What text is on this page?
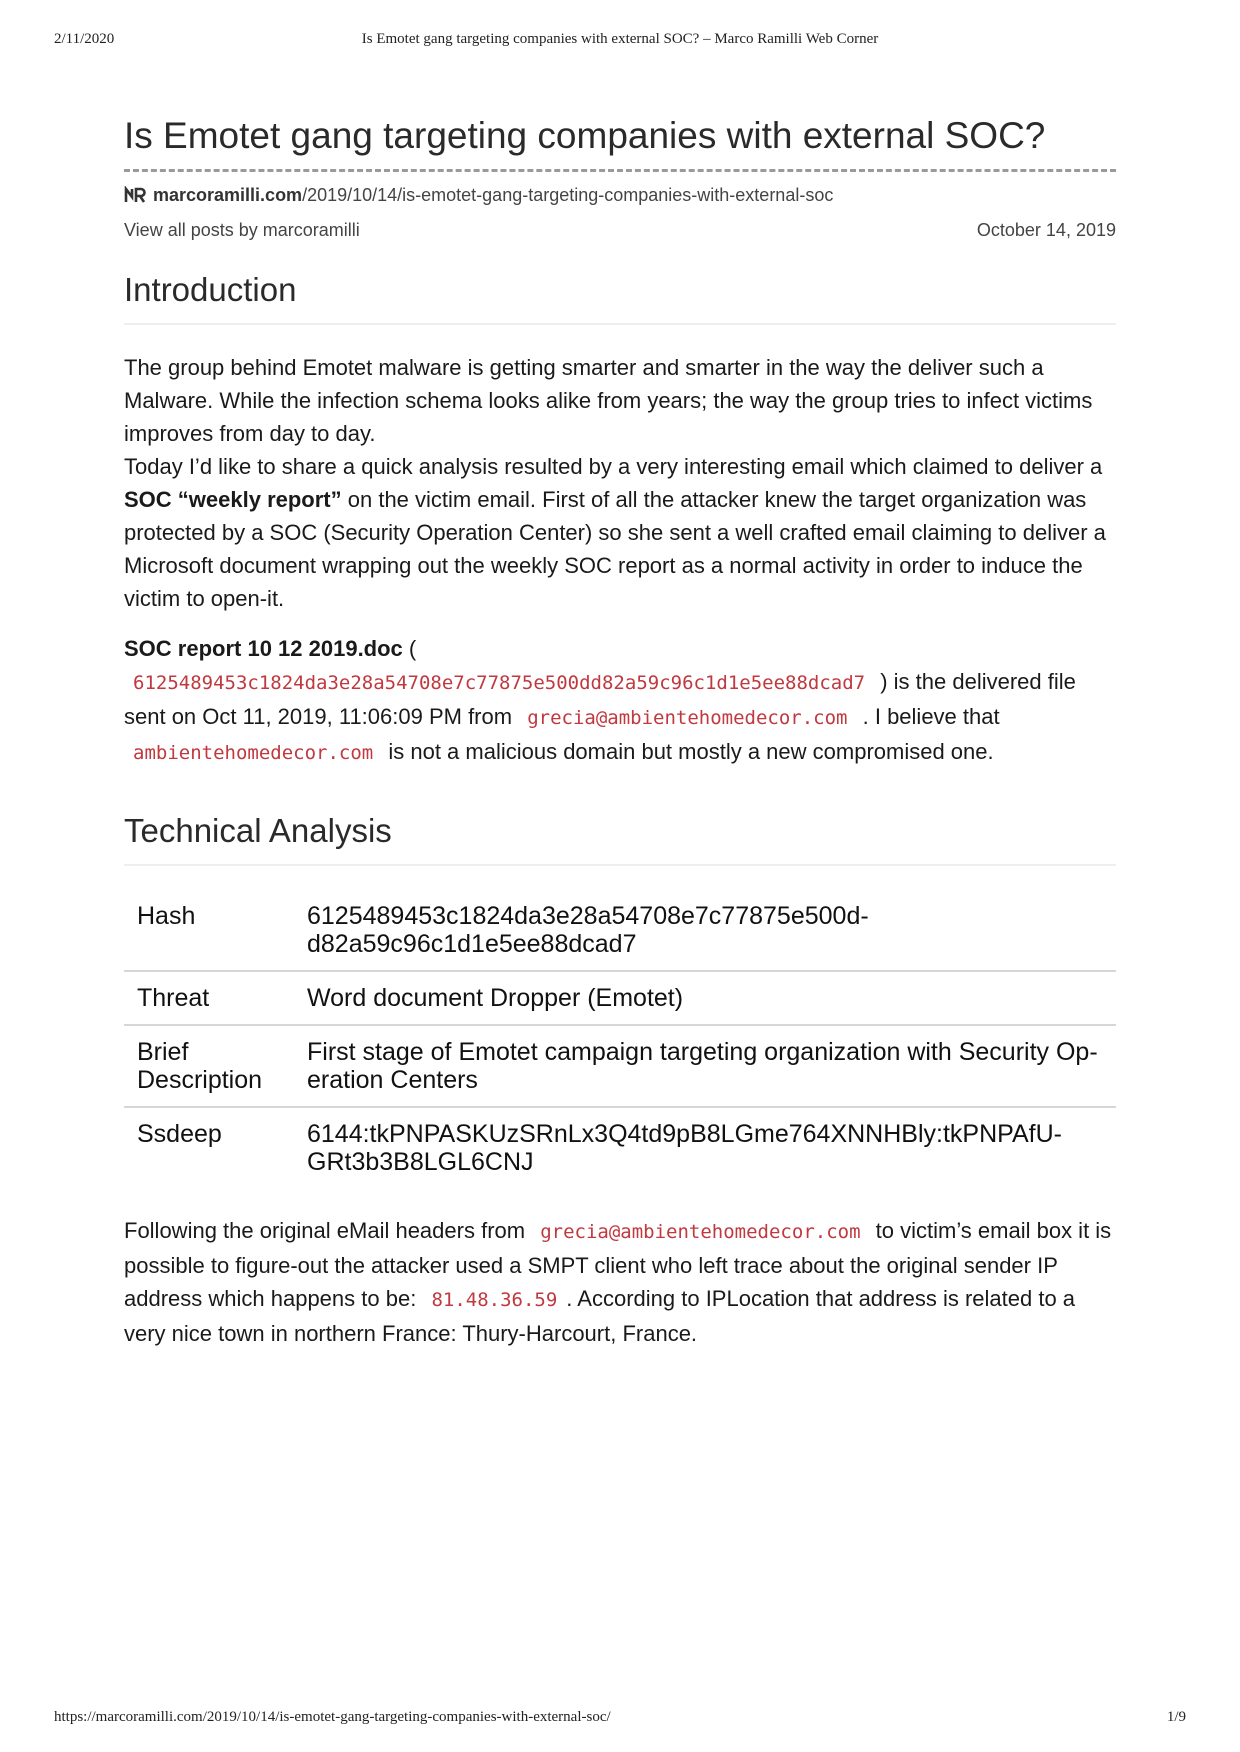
2/11/2020	Is Emotet gang targeting companies with external SOC? – Marco Ramilli Web Corner
Is Emotet gang targeting companies with external SOC?
marcoramilli.com /2019/10/14/is-emotet-gang-targeting-companies-with-external-soc
View all posts by marcoramilli	October 14, 2019
Introduction

The group behind Emotet malware is getting smarter and smarter in the way the deliver such a Malware. While the infection schema looks alike from years; the way the group tries to infect victims improves from day to day.

Today I’d like to share a quick analysis resulted by a very interesting email which claimed to deliver a SOC “weekly report” on the victim email. First of all the attacker knew the target organization was protected by a SOC (Security Operation Center) so she sent a well crafted email claiming to deliver a Microsoft document wrapping out the weekly SOC report as a normal activity in order to induce the victim to open-it.

SOC report 10 12 2019.doc ( 6125489453c1824da3e28a54708e7c77875e500dd82a59c96c1d1e5ee88dcad7 ) is the delivered file sent on Oct 11, 2019, 11:06:09 PM from grecia@ambientehomedecor.com . I believe that ambientehomedecor.com is not a malicious domain but mostly a new compromised one.

Technical Analysis
Hash	6125489453c1824da3e28a54708e7c77875e500d-
d82a59c96c1d1e5ee88dcad7
Threat	Word document Dropper (Emotet)
Brief Description	First stage of Emotet campaign targeting organization with Security Op-
eration Centers
Ssdeep	6144:tkPNPASKUzSRnLx3Q4td9pB8LGme764XNNHBly:tkPNPAfU-
GRt3b3B8LGL6CNJ

Following the original eMail headers from grecia@ambientehomedecor.com to victim’s email box it is possible to figure-out the attacker used a SMPT client who left trace about the original sender IP address which happens to be: 81.48.36.59 . According to IPLocation that address is related to a very nice town in northern France: Thury-Harcourt, France.

https://marcoramilli.com/2019/10/14/is-emotet-gang-targeting-companies-with-external-soc/	1/9
